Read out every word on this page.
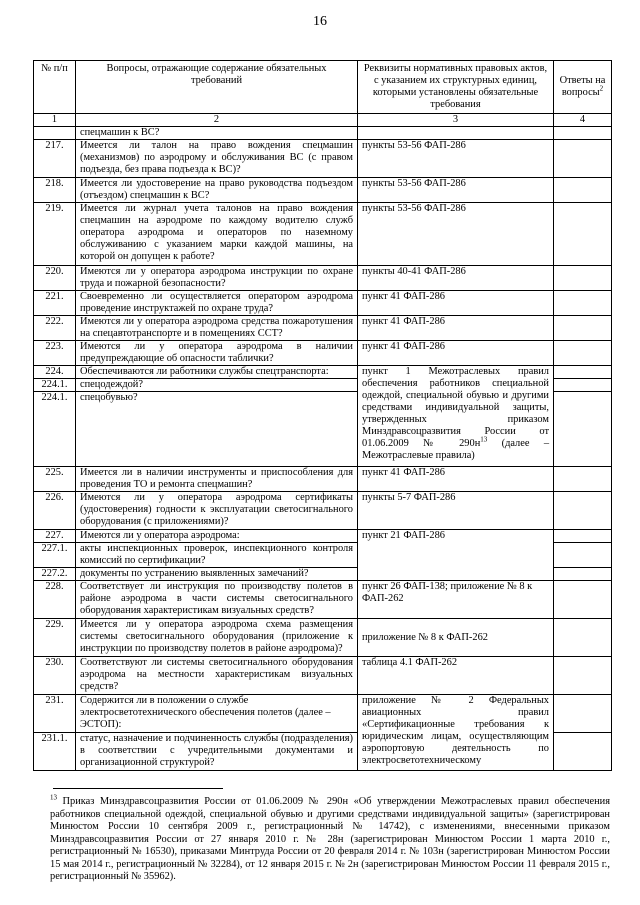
16
№ п/п	Вопросы, отражающие содержание обязательных требований	Реквизиты нормативных правовых актов, с указанием их структурных единиц, которыми установлены обязательные требования	Ответы на вопросы$^2$
1	2	3	4
	спецмашин к ВС?		
217.	Имеется ли талон на право вождения спецмашин (механизмов) по аэродрому и обслуживания ВС (с правом подъезда, без права подъезда к ВС)?	пункты 53-56 ФАП-286	
218.	Имеется ли удостоверение на право руководства подъездом (отъездом) спецмашин к ВС?	пункты 53-56 ФАП-286	
219.	Имеется ли журнал учета талонов на право вождения спецмашин на аэродроме по каждому водителю служб оператора аэродрома и операторов по наземному обслуживанию с указанием марки каждой машины, на которой он допущен к работе?	пункты 53-56 ФАП-286	
220.	Имеются ли у оператора аэродрома инструкции по охране труда и пожарной безопасности?	пункты 40-41 ФАП-286	
221.	Своевременно ли осуществляется оператором аэродрома проведение инструктажей по охране труда?	пункт 41 ФАП-286	
222.	Имеются ли у оператора аэродрома средства пожаротушения на спецавтотранспорте и в помещениях ССТ?	пункт 41 ФАП-286	
223.	Имеются ли у оператора аэродрома в наличии предупреждающие об опасности таблички?	пункт 41 ФАП-286	
224.	Обеспечиваются ли работники службы спецтранспорта:	пункт 1 Межотраслевых правил обеспечения работников специальной одеждой, специальной обувью и другими средствами индивидуальной защиты, утвержденных приказом Минздравсоцразвития России от 01.06.2009 № $290н^{13}$ (далее – Межотраслевые правила)	
224.1.	спецодеждой?		
224.1.	спецобувью?		
225.	Имеется ли в наличии инструменты и приспособления для проведения ТО и ремонта спецмашин?	пункт 41 ФАП-286	
226.	Имеются ли у оператора аэродрома сертификаты (удостоверения) годности к эксплуатации светосигнального оборудования (с приложениями)?	пункты 5-7 ФАП-286	
227.	Имеются ли у оператора аэродрома:	пункт 21 ФАП-286	
227.1.	акты инспекционных проверок, инспекционного контроля комиссий по сертификации?		
227.2.	документы по устранению выявленных замечаний?		
228.	Соответствует ли инструкция по производству полетов в районе аэродрома в части системы светосигнального оборудования характеристикам визуальных средств?	пункт 26 ФАП-138; приложение № 8 к ФАП-262	
229.	Имеется ли у оператора аэродрома схема размещения системы светосигнального оборудования (приложение к инструкции по производству полетов в районе аэродрома)?	приложение № 8 к ФАП-262	
230.	Соответствуют ли системы светосигнального оборудования аэродрома на местности характеристикам визуальных средств?	таблица 4.1 ФАП-262	
231.	Содержится ли в положении о службе электросветотехнического обеспечения полетов (далее – ЭСТОП):	приложение № 2 Федеральных авиационных правил «Сертификационные требования к юридическим лицам, осуществляющим аэропортовую деятельность по электросветотехническому	
231.1.	статус, назначение и подчиненность службы (подразделения) в соответствии с учредительными документами и организационной структурой?		
$^{13}$ Приказ Минздравсоцразвития России от 01.06.2009 № 290н «Об утверждении Межотраслевых правил обеспечения работников специальной одеждой, специальной обувью и другими средствами индивидуальной защиты» (зарегистрирован Минюстом России 10 сентября 2009 г., регистрационный № 14742), с изменениями, внесенными приказом Минздравсоцразвития России от 27 января 2010 г. № 28н (зарегистрирован Минюстом России 1 марта 2010 г., регистрационный № 16530), приказами Минтруда России от 20 февраля 2014 г. № 103н (зарегистрирован Минюстом России 15 мая 2014 г., регистрационный № 32284), от 12 января 2015 г. № 2н (зарегистрирован Минюстом России 11 февраля 2015 г., регистрационный № 35962).
